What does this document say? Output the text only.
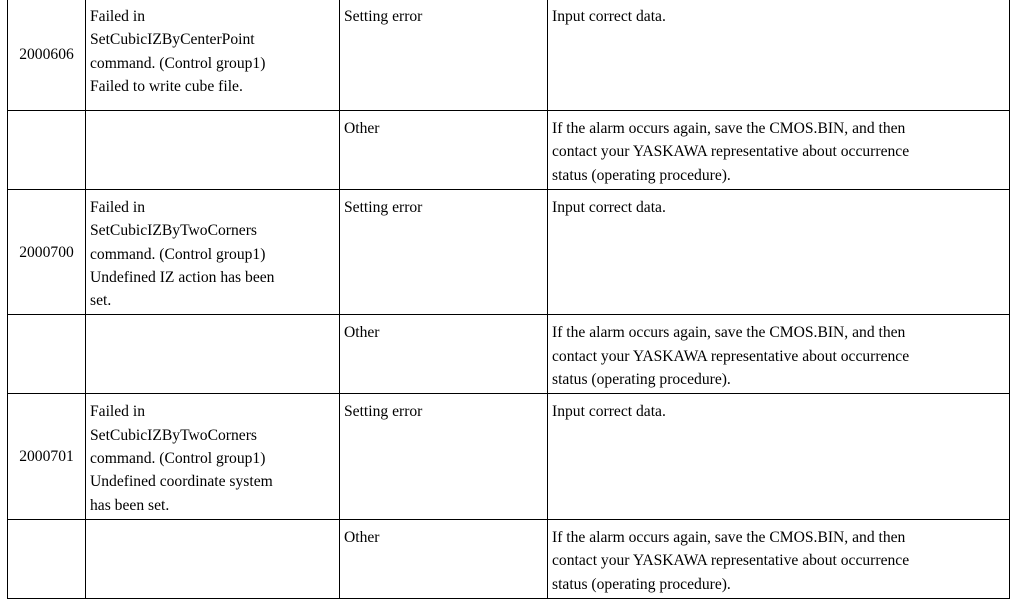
2000606	Failed in
SetCubicIZByCenterPoint
command. (Control group1)
Failed to write cube file.	Setting error	Input correct data.

		Other	If the alarm occurs again, save the CMOS.BIN, and then
contact your YASKAWA representative about occurrence
status (operating procedure).

2000700	Failed in
SetCubicIZByTwoCorners
command. (Control group1)
Undefined IZ action has been
set.	Setting error	Input correct data.

		Other	If the alarm occurs again, save the CMOS.BIN, and then
contact your YASKAWA representative about occurrence
status (operating procedure).

2000701	Failed in
SetCubicIZByTwoCorners
command. (Control group1)
Undefined coordinate system
has been set.	Setting error	Input correct data.

		Other	If the alarm occurs again, save the CMOS.BIN, and then
contact your YASKAWA representative about occurrence
status (operating procedure).
